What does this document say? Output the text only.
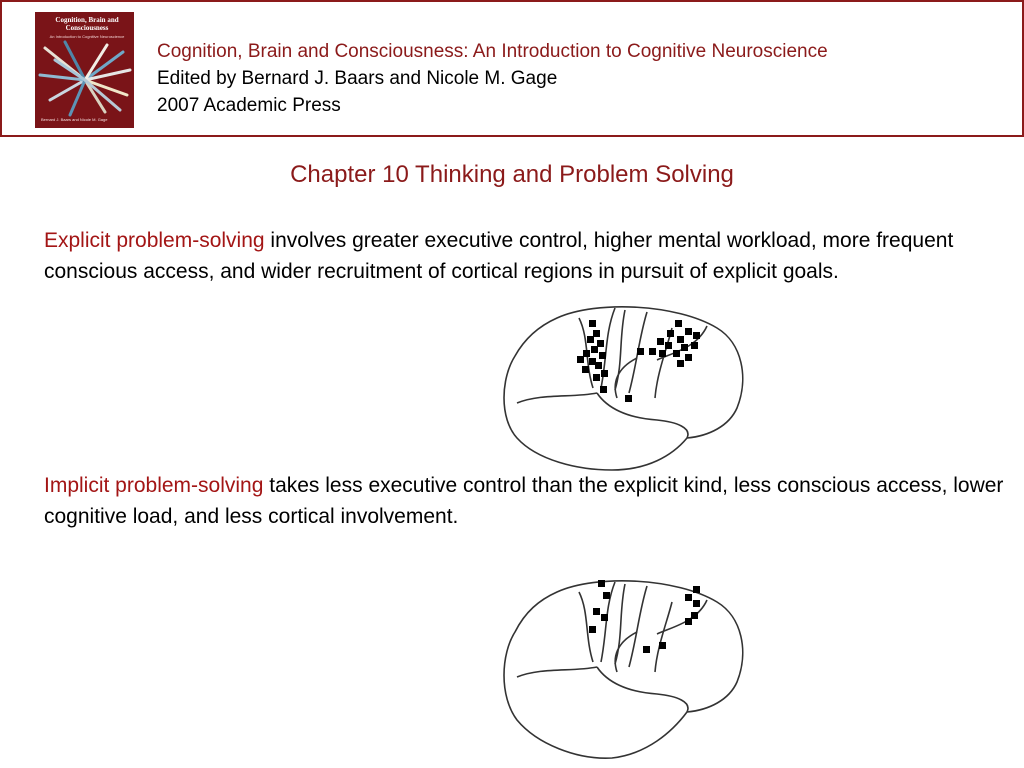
Cognition, Brain and Consciousness
An Introduction to Cognitive Neuroscience
Bernard J. Baars and Nicole M. Gage
Cognition, Brain and Consciousness: An Introduction to Cognitive Neuroscience
Edited by Bernard J. Baars and Nicole M. Gage
2007 Academic Press
Chapter 10 Thinking and Problem Solving

Explicit problem-solving involves greater executive control, higher mental workload, more frequent conscious access, and wider recruitment of cortical regions in pursuit of explicit goals.

Implicit problem-solving takes less executive control than the explicit kind, less conscious access, lower cognitive load, and less cortical involvement.
